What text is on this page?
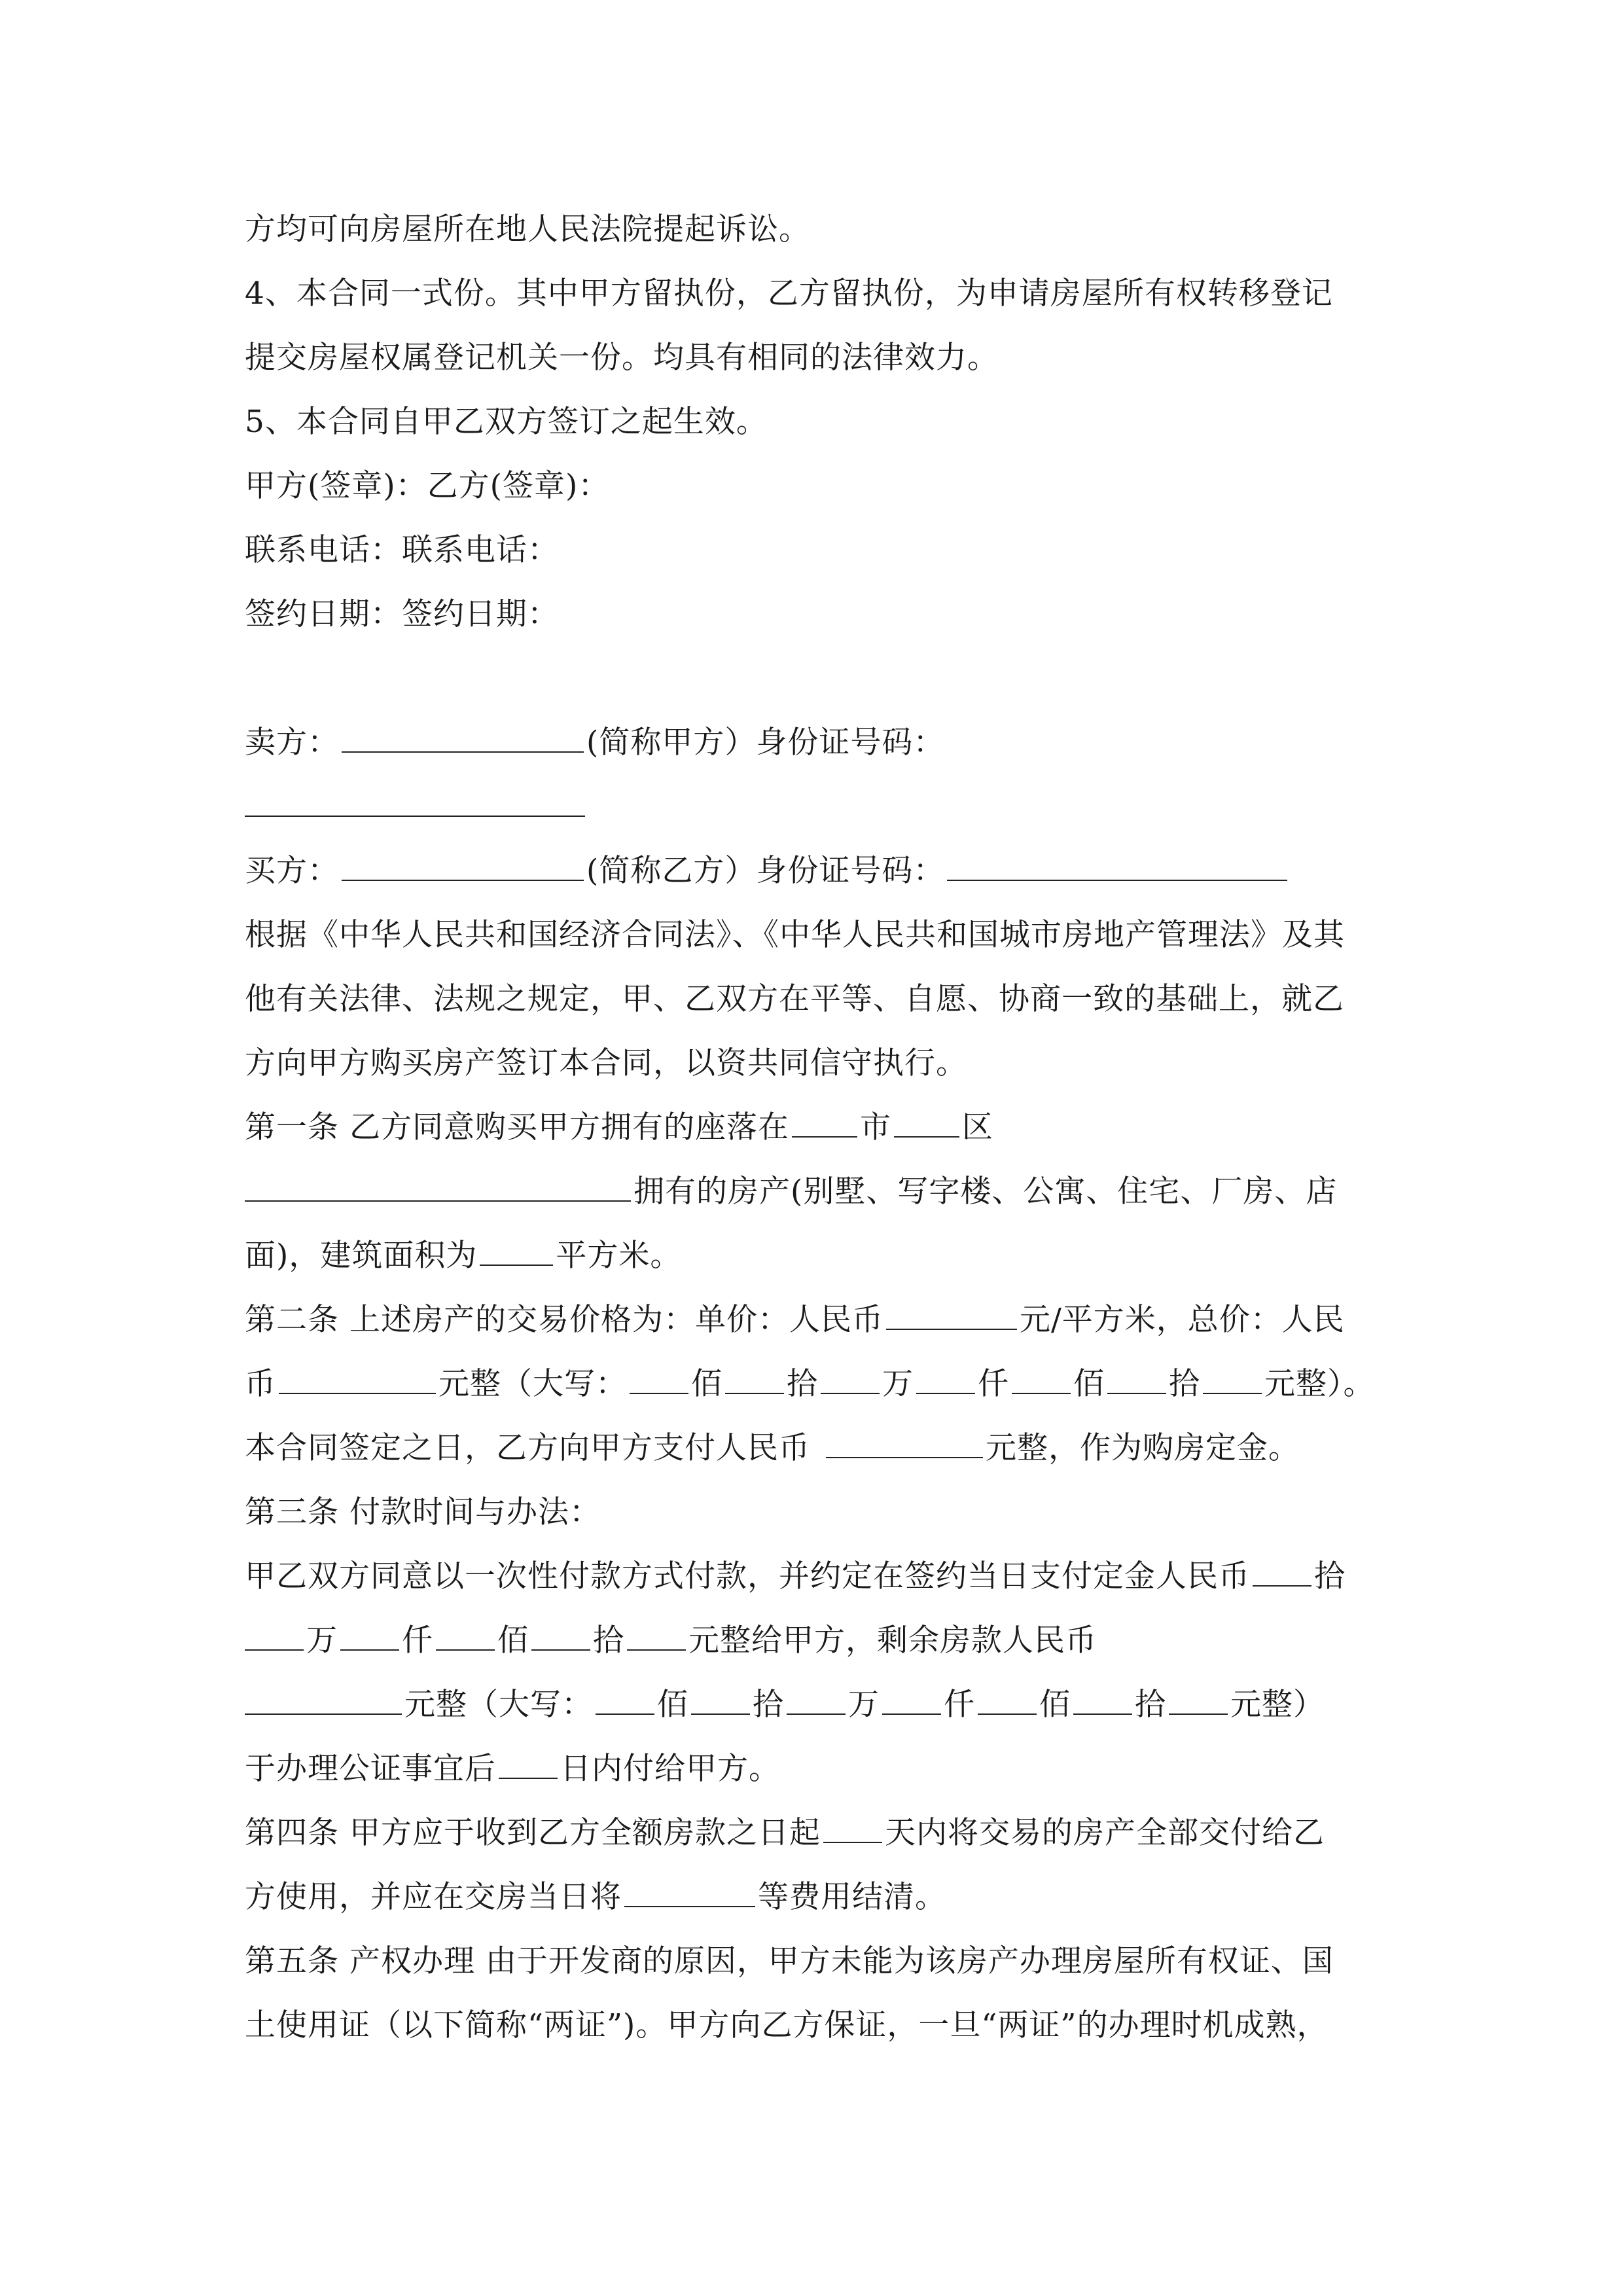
方均可向房屋所在地人民法院提起诉讼。
4、本合同一式份。其中甲方留执份，乙方留执份，为申请房屋所有权转移登记
提交房屋权属登记机关一份。均具有相同的法律效力。
5、本合同自甲乙双方签订之起生效。
甲方(签章)：乙方(签章)：
联系电话：联系电话：
签约日期：签约日期：
卖方：	(简称甲方）身份证号码：
买方：	(简称乙方）身份证号码：
根据《中华人民共和国经济合同法》、《中华人民共和国城市房地产管理法》及其
他有关法律、法规之规定，甲、乙双方在平等、自愿、协商一致的基础上，就乙
方向甲方购买房产签订本合同，以资共同信守执行。
第一条 乙方同意购买甲方拥有的座落在 市 区
拥有的房产(别墅、写字楼、公寓、住宅、厂房、店
面)，建筑面积为	平方米。
第二条 上述房产的交易价格为：单价：人民币	元/平方米，总价：人民
币	元整（大写： 佰 拾 万 仟 佰 拾 元整）。
本合同签定之日，乙方向甲方支付人民币	元整，作为购房定金。
第三条 付款时间与办法：
甲乙双方同意以一次性付款方式付款，并约定在签约当日支付定金人民币 拾
万 仟 佰 拾 元整给甲方，剩余房款人民币
元整（大写： 佰 拾 万 仟 佰 拾 元整）
于办理公证事宜后 日内付给甲方。
第四条 甲方应于收到乙方全额房款之日起 天内将交易的房产全部交付给乙
方使用，并应在交房当日将	等费用结清。
第五条 产权办理 由于开发商的原因，甲方未能为该房产办理房屋所有权证、国
土使用证（以下简称“两证”)。甲方向乙方保证，一旦“两证”的办理时机成熟，
